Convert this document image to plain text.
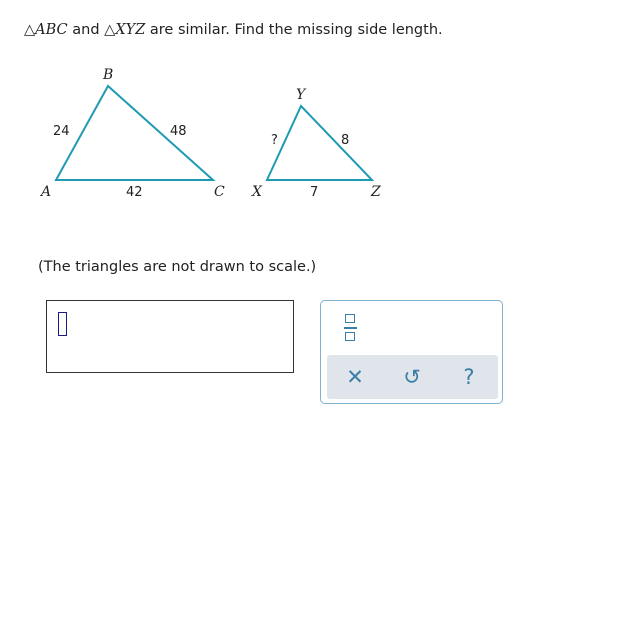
△ABC and △XYZ are similar. Find the missing side length.
B
A	C
24	48
42
Y
X	Z
?	8
7
(The triangles are not drawn to scale.)
✕ ↺	?
